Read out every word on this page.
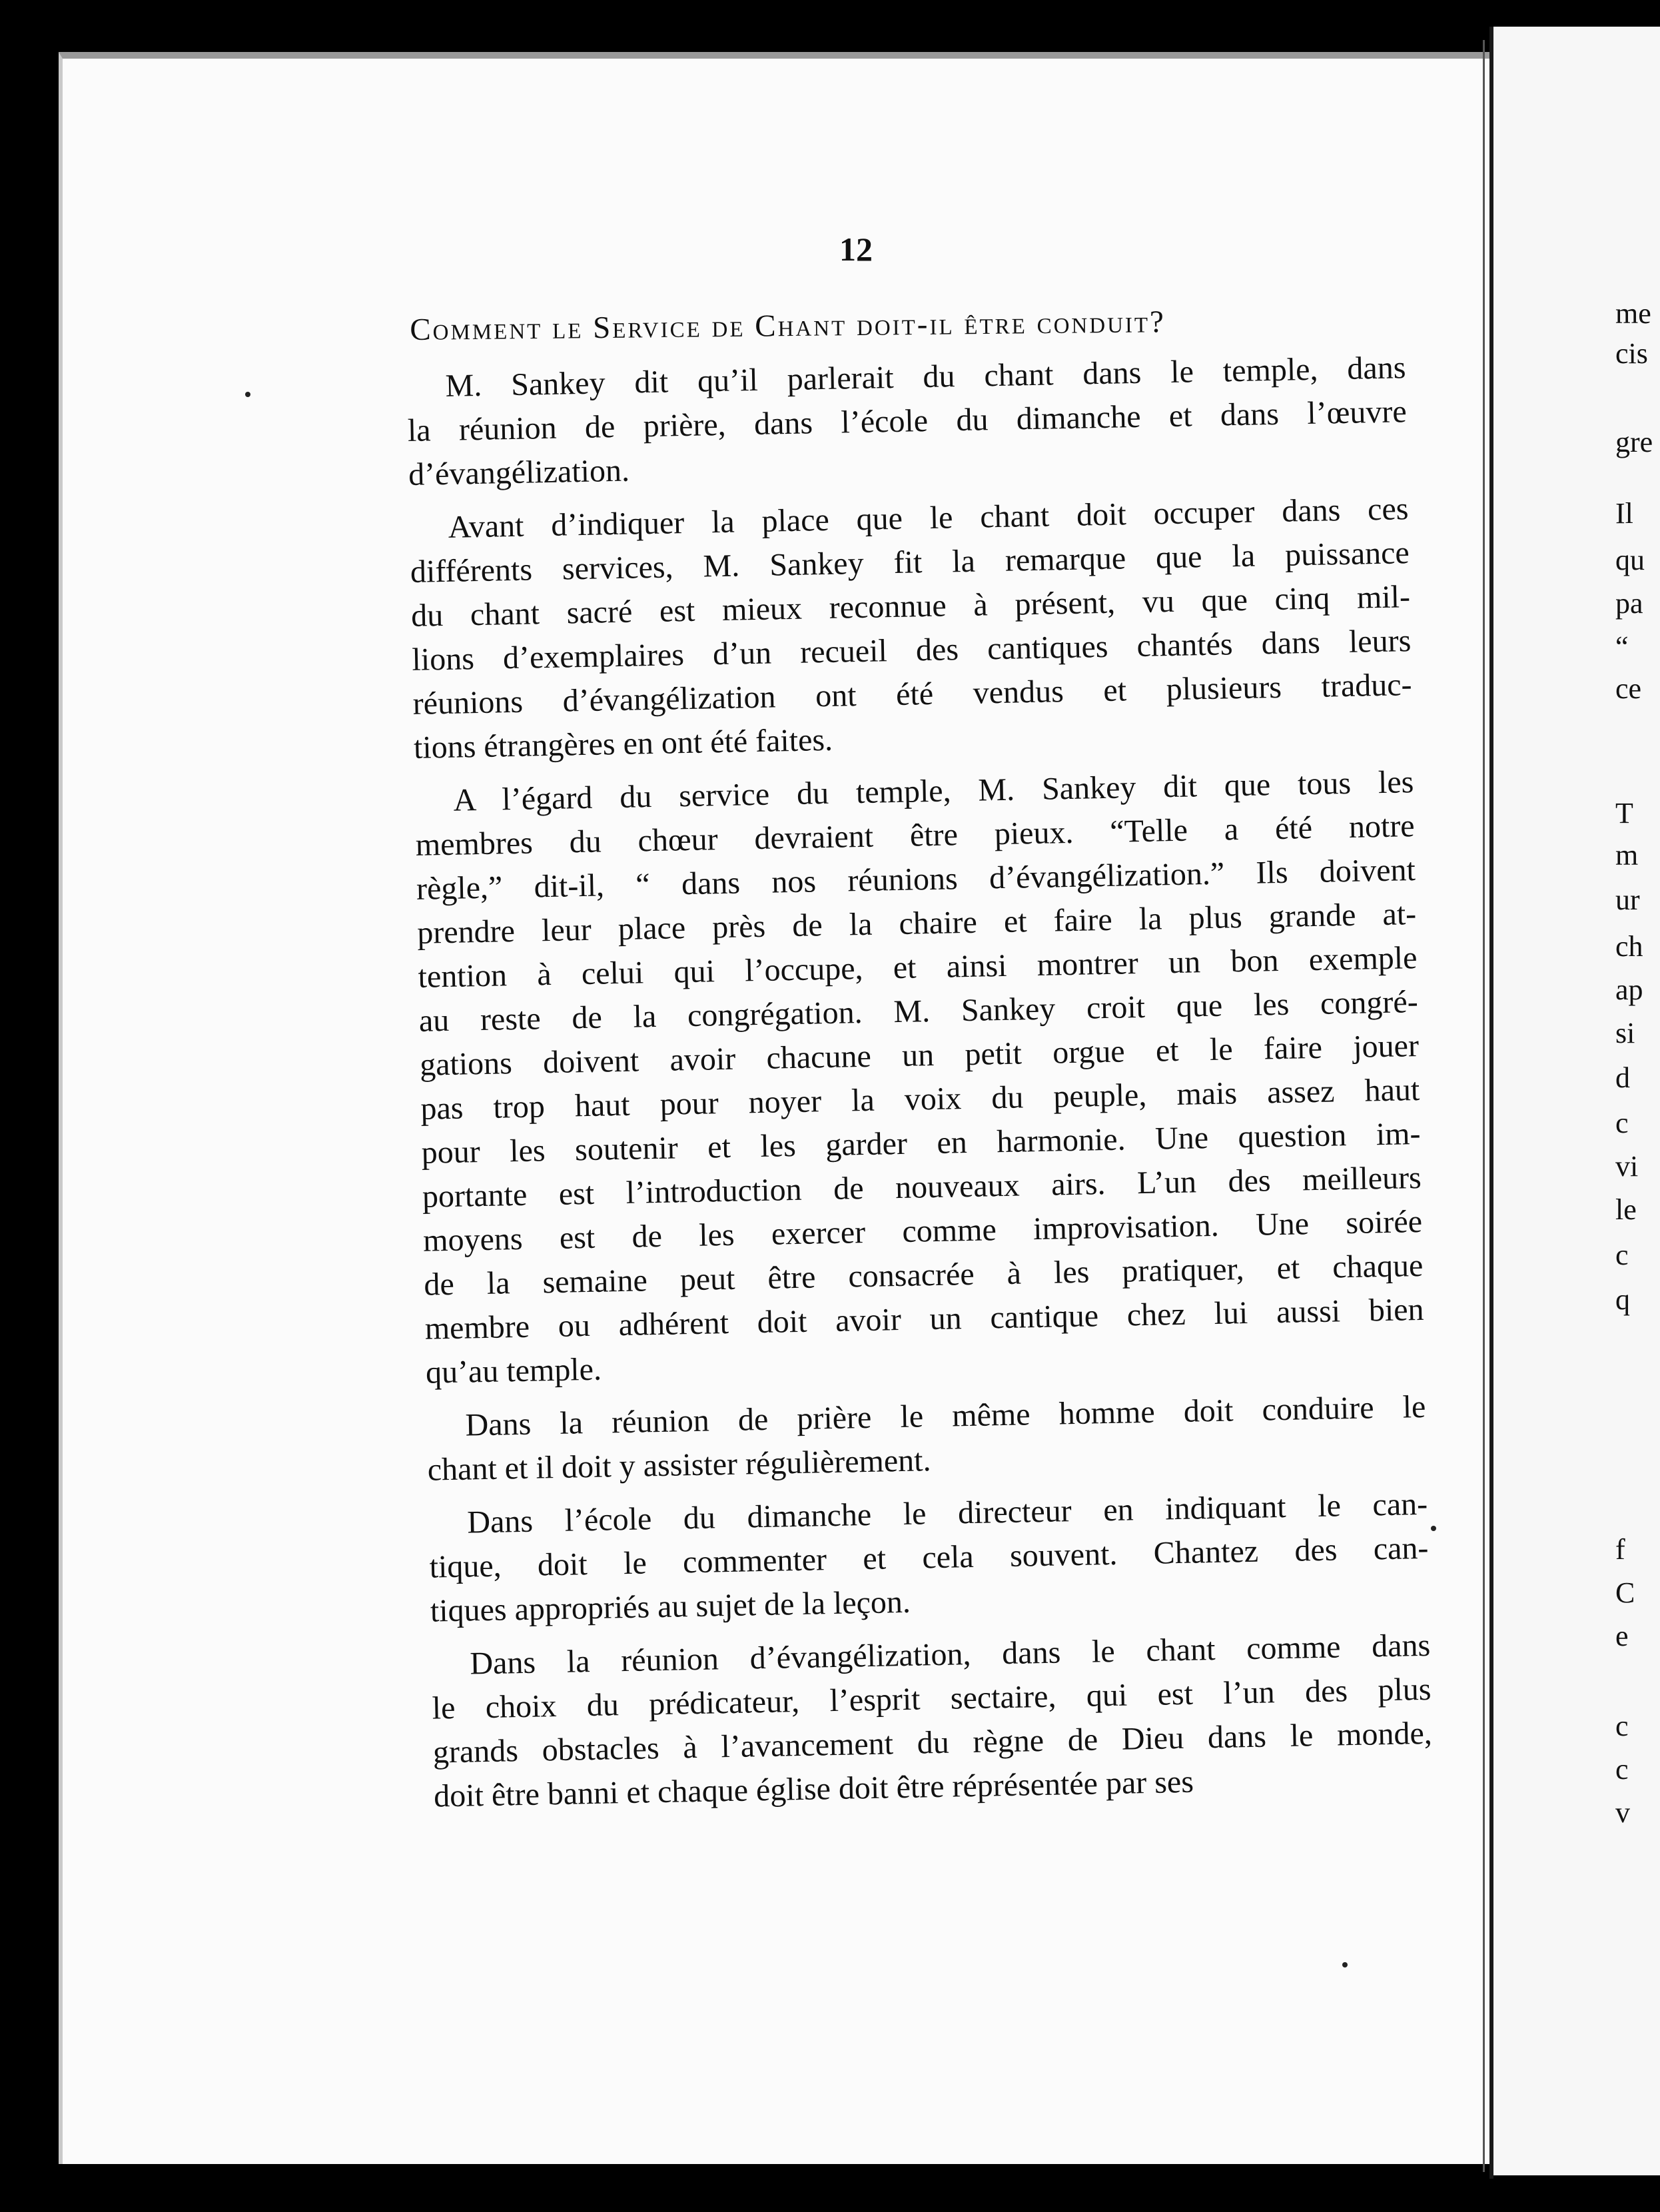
12
Comment le Service de Chant doit-il être conduit?
M. Sankey dit qu’il parlerait du chant dans le temple, dans
la réunion de prière, dans l’école du dimanche et dans l’œuvre
d’évangélization.
Avant d’indiquer la place que le chant doit occuper dans ces
différents services, M. Sankey fit la remarque que la puissance
du chant sacré est mieux reconnue à présent, vu que cinq mil-
lions d’exemplaires d’un recueil des cantiques chantés dans leurs
réunions d’évangélization ont été vendus et plusieurs traduc-
tions étrangères en ont été faites.
A l’égard du service du temple, M. Sankey dit que tous les
membres du chœur devraient être pieux. “Telle a été notre
règle,” dit-il, “ dans nos réunions d’évangélization.” Ils doivent
prendre leur place près de la chaire et faire la plus grande at-
tention à celui qui l’occupe, et ainsi montrer un bon exemple
au reste de la congrégation. M. Sankey croit que les congré-
gations doivent avoir chacune un petit orgue et le faire jouer
pas trop haut pour noyer la voix du peuple, mais assez haut
pour les soutenir et les garder en harmonie. Une question im-
portante est l’introduction de nouveaux airs. L’un des meilleurs
moyens est de les exercer comme improvisation. Une soirée
de la semaine peut être consacrée à les pratiquer, et chaque
membre ou adhérent doit avoir un cantique chez lui aussi bien
qu’au temple.
Dans la réunion de prière le même homme doit conduire le
chant et il doit y assister régulièrement.
Dans l’école du dimanche le directeur en indiquant le can-
tique, doit le commenter et cela souvent. Chantez des can-
tiques appropriés au sujet de la leçon.
Dans la réunion d’évangélization, dans le chant comme dans
le choix du prédicateur, l’esprit sectaire, qui est l’un des plus
grands obstacles à l’avancement du règne de Dieu dans le monde,
doit être banni et chaque église doit être réprésentée par ses
me
cis
gre
Il
qu
pa
“
ce
T
m
ur
ch
ap
si
d
c
vi
le
c
q
f
C
e
c
c
v
